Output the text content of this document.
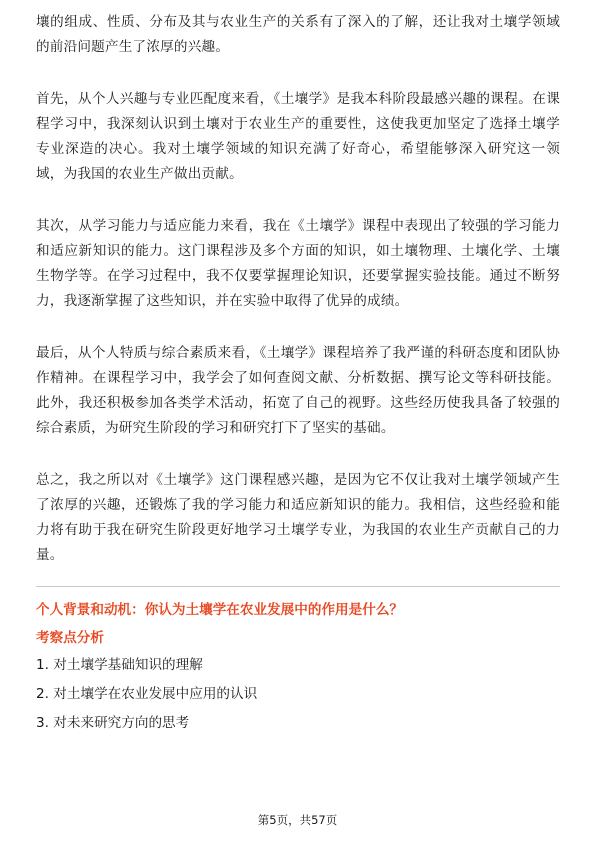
壤的组成、性质、分布及其与农业生产的关系有了深入的了解，还让我对土壤学领域的前沿问题产生了浓厚的兴趣。

首先，从个人兴趣与专业匹配度来看，《土壤学》是我本科阶段最感兴趣的课程。在课程学习中，我深刻认识到土壤对于农业生产的重要性，这使我更加坚定了选择土壤学专业深造的决心。我对土壤学领域的知识充满了好奇心，希望能够深入研究这一领域，为我国的农业生产做出贡献。

其次，从学习能力与适应能力来看，我在《土壤学》课程中表现出了较强的学习能力和适应新知识的能力。这门课程涉及多个方面的知识，如土壤物理、土壤化学、土壤生物学等。在学习过程中，我不仅要掌握理论知识，还要掌握实验技能。通过不断努力，我逐渐掌握了这些知识，并在实验中取得了优异的成绩。

最后，从个人特质与综合素质来看，《土壤学》课程培养了我严谨的科研态度和团队协作精神。在课程学习中，我学会了如何查阅文献、分析数据、撰写论文等科研技能。此外，我还积极参加各类学术活动，拓宽了自己的视野。这些经历使我具备了较强的综合素质，为研究生阶段的学习和研究打下了坚实的基础。

总之，我之所以对《土壤学》这门课程感兴趣，是因为它不仅让我对土壤学领域产生了浓厚的兴趣，还锻炼了我的学习能力和适应新知识的能力。我相信，这些经验和能力将有助于我在研究生阶段更好地学习土壤学专业，为我国的农业生产贡献自己的力量。

个人背景和动机：你认为土壤学在农业发展中的作用是什么？
考察点分析
1. 对土壤学基础知识的理解
2. 对土壤学在农业发展中应用的认识
3. 对未来研究方向的思考
第5页，共57页
